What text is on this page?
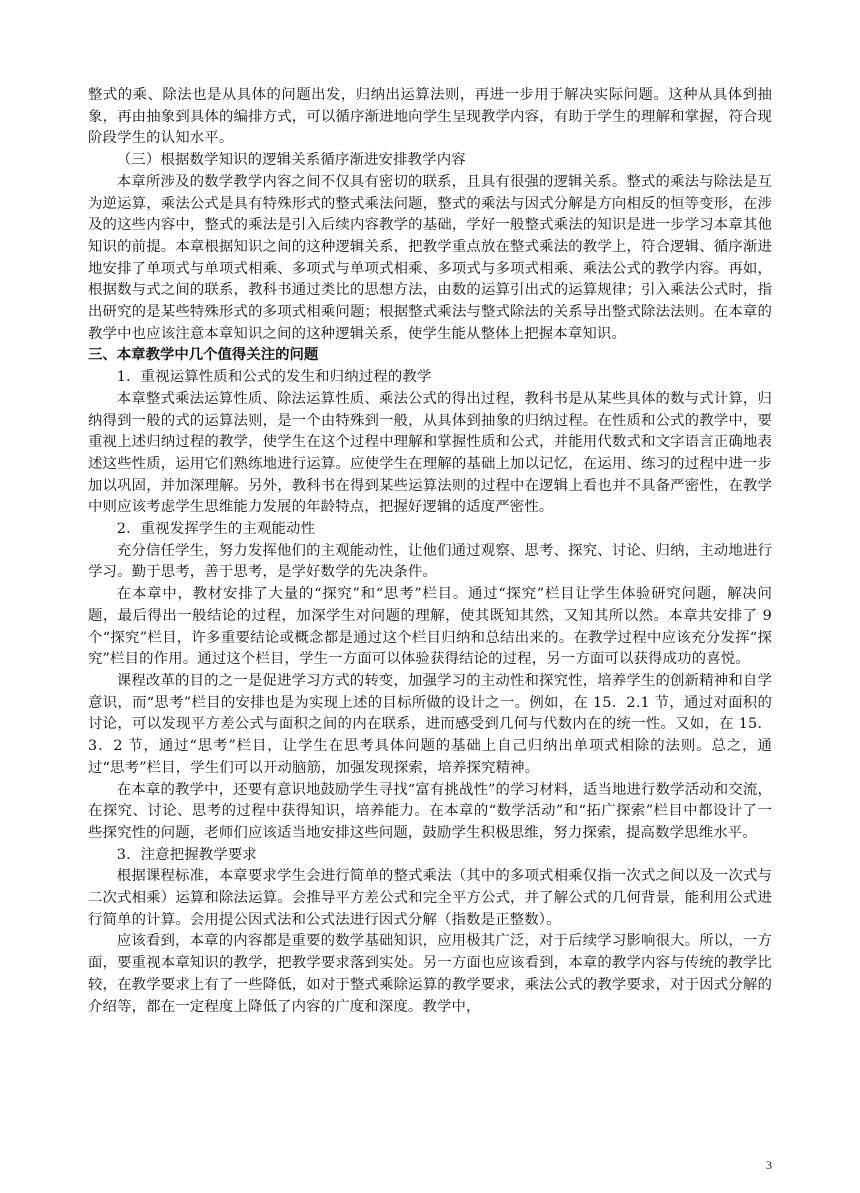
整式的乘、除法也是从具体的问题出发，归纳出运算法则，再进一步用于解决实际问题。这种从具体到抽象，再由抽象到具体的编排方式，可以循序渐进地向学生呈现教学内容，有助于学生的理解和掌握，符合现阶段学生的认知水平。

（三）根据数学知识的逻辑关系循序渐进安排教学内容

本章所涉及的数学教学内容之间不仅具有密切的联系，且具有很强的逻辑关系。整式的乘法与除法是互为逆运算，乘法公式是具有特殊形式的整式乘法问题，整式的乘法与因式分解是方向相反的恒等变形，在涉及的这些内容中，整式的乘法是引入后续内容教学的基础，学好一般整式乘法的知识是进一步学习本章其他知识的前提。本章根据知识之间的这种逻辑关系，把教学重点放在整式乘法的教学上，符合逻辑、循序渐进地安排了单项式与单项式相乘、多项式与单项式相乘、多项式与多项式相乘、乘法公式的教学内容。再如，根据数与式之间的联系，教科书通过类比的思想方法，由数的运算引出式的运算规律；引入乘法公式时，指出研究的是某些特殊形式的多项式相乘问题；根据整式乘法与整式除法的关系导出整式除法法则。在本章的教学中也应该注意本章知识之间的这种逻辑关系，使学生能从整体上把握本章知识。

三、本章教学中几个值得关注的问题

1．重视运算性质和公式的发生和归纳过程的教学

本章整式乘法运算性质、除法运算性质、乘法公式的得出过程，教科书是从某些具体的数与式计算，归纳得到一般的式的运算法则，是一个由特殊到一般，从具体到抽象的归纳过程。在性质和公式的教学中，要重视上述归纳过程的教学，使学生在这个过程中理解和掌握性质和公式，并能用代数式和文字语言正确地表述这些性质，运用它们熟练地进行运算。应使学生在理解的基础上加以记忆，在运用、练习的过程中进一步加以巩固，并加深理解。另外，教科书在得到某些运算法则的过程中在逻辑上看也并不具备严密性，在教学中则应该考虑学生思维能力发展的年龄特点，把握好逻辑的适度严密性。

2．重视发挥学生的主观能动性

充分信任学生，努力发挥他们的主观能动性，让他们通过观察、思考、探究、讨论、归纳，主动地进行学习。勤于思考，善于思考，是学好数学的先决条件。

在本章中，教材安排了大量的“探究”和“思考”栏目。通过“探究”栏目让学生体验研究问题，解决问题，最后得出一般结论的过程，加深学生对问题的理解，使其既知其然，又知其所以然。本章共安排了 9 个“探究”栏目，许多重要结论或概念都是通过这个栏目归纳和总结出来的。在教学过程中应该充分发挥“探究”栏目的作用。通过这个栏目，学生一方面可以体验获得结论的过程，另一方面可以获得成功的喜悦。

课程改革的目的之一是促进学习方式的转变，加强学习的主动性和探究性，培养学生的创新精神和自学意识，而“思考”栏目的安排也是为实现上述的目标所做的设计之一。例如，在 15．2.1 节，通过对面积的讨论，可以发现平方差公式与面积之间的内在联系，进而感受到几何与代数内在的统一性。又如，在 15．3．2 节，通过“思考”栏目，让学生在思考具体问题的基础上自己归纳出单项式相除的法则。总之，通过“思考”栏目，学生们可以开动脑筋，加强发现探索，培养探究精神。

在本章的教学中，还要有意识地鼓励学生寻找“富有挑战性”的学习材料，适当地进行数学活动和交流，在探究、讨论、思考的过程中获得知识，培养能力。在本章的“数学活动”和“拓广探索”栏目中都设计了一些探究性的问题，老师们应该适当地安排这些问题，鼓励学生积极思维，努力探索，提高数学思维水平。

3．注意把握教学要求

根据课程标准，本章要求学生会进行简单的整式乘法（其中的多项式相乘仅指一次式之间以及一次式与二次式相乘）运算和除法运算。会推导平方差公式和完全平方公式，并了解公式的几何背景，能利用公式进行简单的计算。会用提公因式法和公式法进行因式分解（指数是正整数）。

应该看到，本章的内容都是重要的数学基础知识，应用极其广泛，对于后续学习影响很大。所以，一方面，要重视本章知识的教学，把教学要求落到实处。另一方面也应该看到，本章的教学内容与传统的教学比较，在教学要求上有了一些降低，如对于整式乘除运算的教学要求，乘法公式的教学要求，对于因式分解的介绍等，都在一定程度上降低了内容的广度和深度。教学中，

3
